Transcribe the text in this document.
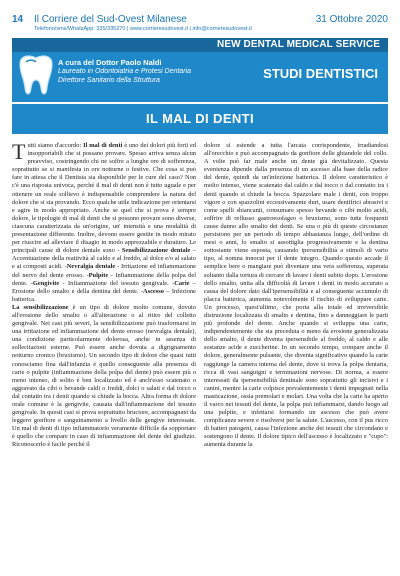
14 Il Corriere del Sud-Ovest Milanese
Telefono/sms/WhatsApp: 335/335270 | www.corrieresudovest.it | info@corrieresudovest.it
31 Ottobre 2020
NEW DENTAL MEDICAL SERVICE
A cura del Dottor Paolo Naldi
Laureato in Odontoiatria e Protesi Dentaria
Direttore Sanitario della Struttura	STUDI DENTISTICI
IL MAL DI DENTI

Tutti siamo d'accordo: Il mal di denti è uno dei dolori più forti ed insopportabili che si possano provare. Spesso arriva senza alcun preavviso, costringendo chi ne soffre a lunghe ore di sofferenza, soprattutto se si manifesta in ore notturne o festive. Che cosa si può fare in attesa che il Dentista sia disponibile per le cure del caso? Non c'è una risposta univoca, perché il mal di denti non è tutto uguale e per ottenere un reale sollievo è indispensabile comprendere la natura del dolore che si sta provando. Ecco qualche utile indicazione per orientarsi e agire in modo appropriato. Anche se quel che si prova è sempre dolore, le tipologie di mal di denti che si possono provare sono diverse, ciascuna caratterizzata da un'origine, un' intensità e una modalità di presentazione differente. Inoltre, devono essere gestite in modo mirato per riuscire ad alleviare il disagio in modo apprezzabile e duraturo. Le principali cause di dolore dentale sono - Sensibilizzazione dentale – Accentuazione della reattività al caldo e al freddo, al dolce e/o al salato e ai composti acidi. -Nevralgia dentale - Irritazione ed infiammazione del nervo del dente erosso. -Pulpite - Infiammazione della polpa del dente. -Gengivite - Infiammazione del tessuto gengivale. -Carie – Erosione dello smalto e della dentina del dente. -Ascesso – Infezione batterica.

La sensibilizzazione è un tipo di dolore molto comune, dovuto all'erosione dello smalto o all'alterazione o al ritiro del colletto gengivale. Nei casi più severi, la sensibilizzazione può trasformarsi in una irritazione ed infiammazione del dente erosso (nevralgia dentale), una condizione particolarmente dolorosa, anche in assenza di sollecitazioni esterne. Può essere anche dovuta a digrignamento notturno cronico (bruxismo). Un secondo tipo di dolore che quasi tutti conosciamo fina dall'infanzia è quello conseguente alla presenza di carie o pulpite (infiammazione della polpa del dente) può essere più o meno intenso, di solito è ben localizzato ed è anch'esso scatenato o aggravato da cibi o bevande caldi o freddi, dolci o salati e dal tocco o dal contatto tra i denti quando si chiude la bocca. Altra forma di dolore orale comune è la gengivite, causata dall'infiammazione del tessuto gengivale. In questi casi si prova soprattutto bruciore, accompagnato da leggero gonfiore e sanguinamento a livello delle gengive interessate. Un mal di denti di tipo infiammatorio veramente difficile da sopportare è quello che compare in caso di infiammazione del dente del giudizio. Riconoscerlo è facile perché il

dolore si estende a tutta l'arcata corrispondente, irradiandosi all'orecchio e può accompagnato da gonfiore delle ghiandole del collo. A volte può far male anche un dente già devitalizzato. Questa evenienza dipende dalla presenza di un ascesso alla base della radice del dente, quindi da un'infezione batterica. Il dolore caratteristico è molto intenso, viene scatenato dal caldo e dal tocco o dal contatto tra i denti quando si chiude la bocca. Spazzolare male i denti, con troppo vigore o con spazzolini eccessivamente duri, usare dentifrici abrasivi e come spelli sbiancanti, consumare spesso bevande o cibi molto acidi, soffrire di reflusso gastroesofageo o bruxismo, sono tutte frequenti cause danno allo smalto dei denti. Se una o più di queste circostanze persistono per un periodo di tempo abbastanza lungo, dell'ordine di mesi o anni, lo smalto si assottiglia progressivamente e la dentina sottostante viene esposta, causando ipersensibilità a stimoli di vario tipo, al nomna innocui per il dente integro. Quando questo accade il semplice bere o mangiare può diventare una vera sofferenza, superata soltanto dalla tortura di cercare di lavare i denti subito dopo. L'erosione dello smalto, unita alla difficoltà di lavare i denti in modo accurato a causa del dolore dato dall'ipersensibilità e al conseguente accumulo di placca batterica, aumenta notevolmente il rischio di sviluppare carie. Un processo, quest'ultimo, che porta alla totale ed irreversibile distruzione localizzata di smalto e dentina, fino a danneggiare le parti più profonde del dente. Anche quando si sviluppa una carie, indipendentemente che sia preceduta o meno da erosione generalizzata dello smalto, il dente diventa ipersensibile al freddo, al caldo e alle sostanze acide e zuccherine. In un secondo tempo, compare anche il dolore, generalmente pulsante, che diventa significativo quando la carie raggiunge la camera interna del dente, dove si trova la polpa dentaria, ricca di vasi sanguigni e terminazioni nervose. Di norma, a essere interessati da ipersensibilità dentinale sono soprattutto gli incisivi e i canini, mentre la carie colpisce prevalentemente i denti impegnati nella masticazione, ossia premolari e molari. Una volta che la carie ha aperto il varco nei tessuti del dente, la polpa può infiammarsi, dando luogo ad una pulpite, e infettarsi formando un ascesso che può avere complicanze severe e risolversi per la salute. L'ascesso, con il pus ricco di batteri patogeni, causa l'infezione anche dei tessuti che circondano e sostengono il dente. Il dolore tipico dell'ascesso è localizzato e "cupo": aumenta durante la
